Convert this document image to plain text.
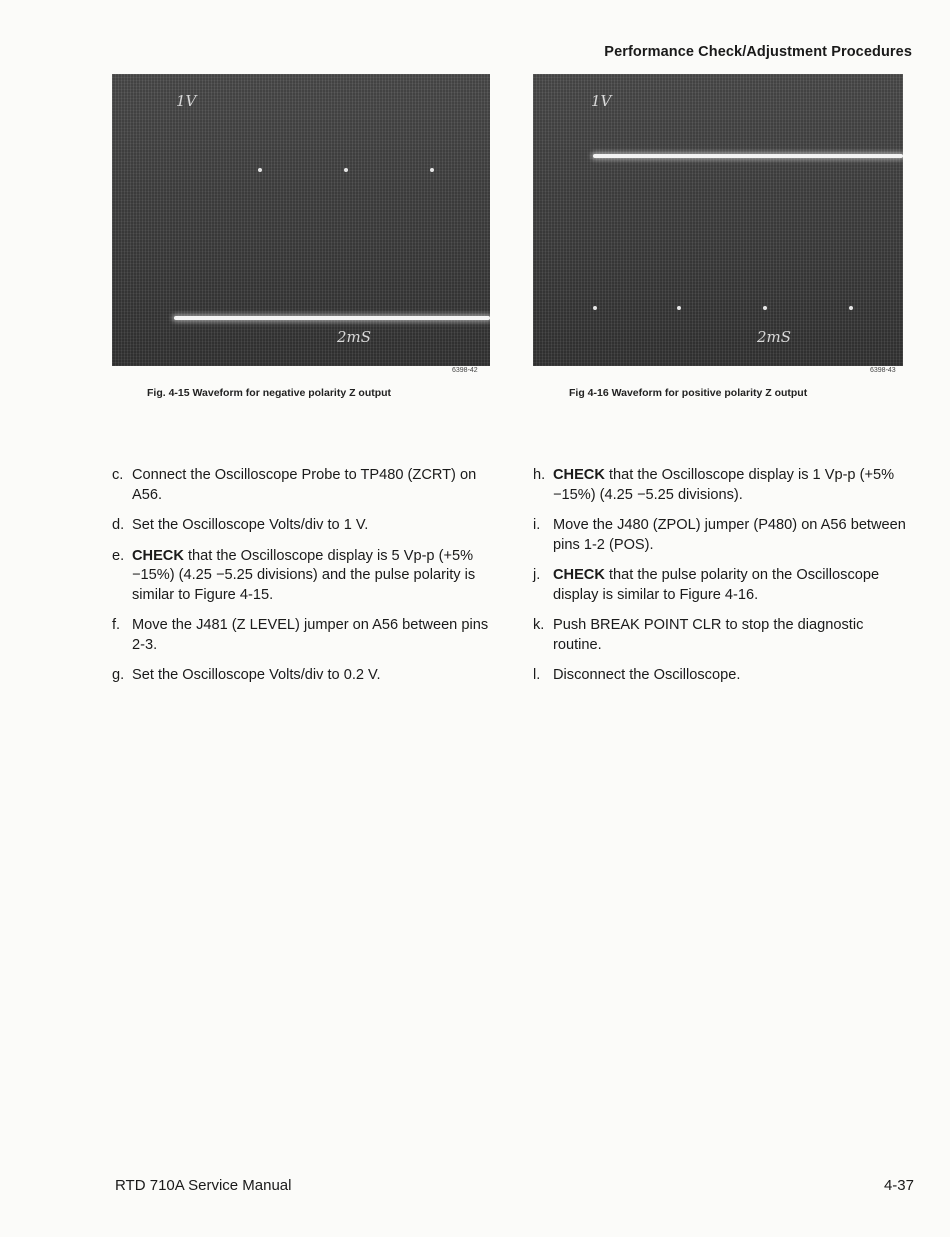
Performance Check/Adjustment Procedures
1V
2mS
6398-42
Fig. 4-15 Waveform for negative polarity Z output
1V
2mS
6398-43
Fig 4-16 Waveform for positive polarity Z output

c. Connect the Oscilloscope Probe to TP480 (ZCRT) on A56.

d. Set the Oscilloscope Volts/div to 1 V.

e. CHECK that the Oscilloscope display is 5 Vp-p (+5% −15%) (4.25 −5.25 divisions) and the pulse polarity is similar to Figure 4-15.

f. Move the J481 (Z LEVEL) jumper on A56 between pins 2-3.

g. Set the Oscilloscope Volts/div to 0.2 V.

h. CHECK that the Oscilloscope display is 1 Vp-p (+5% −15%) (4.25 −5.25 divisions).

i. Move the J480 (ZPOL) jumper (P480) on A56 between pins 1-2 (POS).

j. CHECK that the pulse polarity on the Oscilloscope display is similar to Figure 4-16.

k. Push BREAK POINT CLR to stop the diagnostic routine.

l. Disconnect the Oscilloscope.

RTD 710A Service Manual	4-37
